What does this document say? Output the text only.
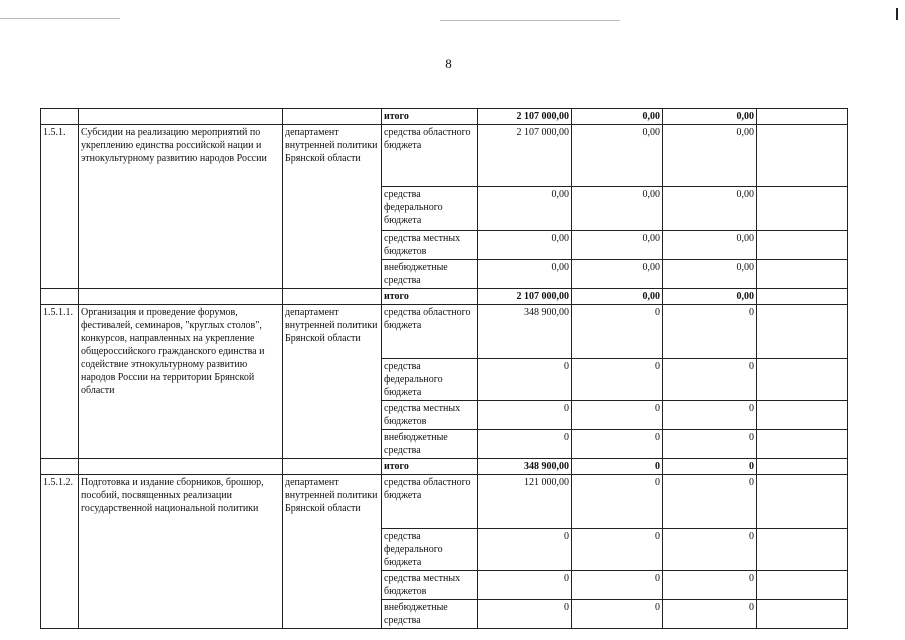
8
			итого	2 107 000,00	0,00	0,00	
1.5.1.	Субсидии на реализацию мероприятий по укреплению единства российской нации и этнокультурному развитию народов России	департамент внутренней политики Брянской области	средства областного бюджета	2 107 000,00	0,00	0,00	
			средства федерального бюджета	0,00	0,00	0,00	
			средства местных бюджетов	0,00	0,00	0,00	
			внебюджетные средства	0,00	0,00	0,00	
			итого	2 107 000,00	0,00	0,00	
1.5.1.1.	Организация и проведение форумов, фестивалей, семинаров, "круглых столов", конкурсов, направленных на укрепление общероссийского гражданского единства и содействие этнокультурному развитию народов России на территории Брянской области	департамент внутренней политики Брянской области	средства областного бюджета	348 900,00	0	0	
			средства федерального бюджета	0	0	0	
			средства местных бюджетов	0	0	0	
			внебюджетные средства	0	0	0	
			итого	348 900,00	0	0	
1.5.1.2.	Подготовка и издание сборников, брошюр, пособий, посвященных реализации государственной национальной политики	департамент внутренней политики Брянской области	средства областного бюджета	121 000,00	0	0	
			средства федерального бюджета	0	0	0	
			средства местных бюджетов	0	0	0	
			внебюджетные средства	0	0	0	
